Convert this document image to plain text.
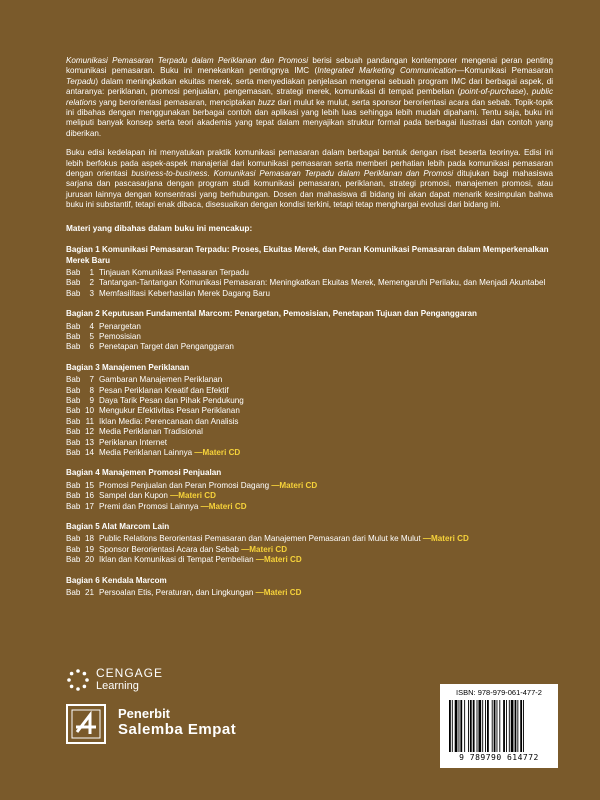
Komunikasi Pemasaran Terpadu dalam Periklanan dan Promosi berisi sebuah pandangan kontemporer mengenai peran penting komunikasi pemasaran. Buku ini menekankan pentingnya IMC (Integrated Marketing Communication—Komunikasi Pemasaran Terpadu) dalam meningkatkan ekuitas merek, serta menyediakan penjelasan mengenai sebuah program IMC dari berbagai aspek, di antaranya: periklanan, promosi penjualan, pengemasan, strategi merek, komunikasi di tempat pembelian (point-of-purchase), public relations yang berorientasi pemasaran, menciptakan buzz dari mulut ke mulut, serta sponsor berorientasi acara dan sebab. Topik-topik ini dibahas dengan menggunakan berbagai contoh dan aplikasi yang lebih luas sehingga lebih mudah dipahami. Tentu saja, buku ini meliputi banyak konsep serta teori akademis yang tepat dalam menyajikan struktur formal pada berbagai ilustrasi dan contoh yang diberikan.

Buku edisi kedelapan ini menyatukan praktik komunikasi pemasaran dalam berbagai bentuk dengan riset beserta teorinya. Edisi ini lebih berfokus pada aspek-aspek manajerial dari komunikasi pemasaran serta memberi perhatian lebih pada komunikasi pemasaran dengan orientasi business-to-business. Komunikasi Pemasaran Terpadu dalam Periklanan dan Promosi ditujukan bagi mahasiswa sarjana dan pascasarjana dengan program studi komunikasi pemasaran, periklanan, strategi promosi, manajemen promosi, atau jurusan lainnya dengan konsentrasi yang berhubungan. Dosen dan mahasiswa di bidang ini akan dapat menarik kesimpulan bahwa buku ini substantif, tetapi enak dibaca, disesuaikan dengan kondisi terkini, tetapi tetap menghargai evolusi dari bidang ini.

Materi yang dibahas dalam buku ini mencakup:
Bagian 1 Komunikasi Pemasaran Terpadu: Proses, Ekuitas Merek, dan Peran Komunikasi Pemasaran dalam Memperkenalkan Merek Baru
Bab	1 Tinjauan Komunikasi Pemasaran Terpadu
Bab	2 Tantangan-Tantangan Komunikasi Pemasaran: Meningkatkan Ekuitas Merek, Memengaruhi Perilaku, dan Menjadi Akuntabel
Bab	3 Memfasilitasi Keberhasilan Merek Dagang Baru
Bagian 2 Keputusan Fundamental Marcom: Penargetan, Pemosisian, Penetapan Tujuan dan Penganggaran
Bab	4 Penargetan
Bab	5 Pemosisian
Bab	6 Penetapan Target dan Penganggaran
Bagian 3 Manajemen Periklanan
Bab	7 Gambaran Manajemen Periklanan
Bab	8 Pesan Periklanan Kreatif dan Efektif
Bab	9 Daya Tarik Pesan dan Pihak Pendukung
Bab 10 Mengukur Efektivitas Pesan Periklanan
Bab 11 Iklan Media: Perencanaan dan Analisis
Bab 12 Media Periklanan Tradisional
Bab 13 Periklanan Internet
Bab 14 Media Periklanan Lainnya —Materi CD
Bagian 4 Manajemen Promosi Penjualan
Bab 15 Promosi Penjualan dan Peran Promosi Dagang —Materi CD
Bab 16 Sampel dan Kupon —Materi CD
Bab 17 Premi dan Promosi Lainnya —Materi CD
Bagian 5 Alat Marcom Lain
Bab 18 Public Relations Berorientasi Pemasaran dan Manajemen Pemasaran dari Mulut ke Mulut —Materi CD
Bab 19 Sponsor Berorientasi Acara dan Sebab —Materi CD
Bab 20 Iklan dan Komunikasi di Tempat Pembelian —Materi CD
Bagian 6 Kendala Marcom
Bab 21 Persoalan Etis, Peraturan, dan Lingkungan —Materi CD
CENGAGE
Learning
Penerbit
Salemba Empat
ISBN: 978-979-061-477-2
9 789790 614772
